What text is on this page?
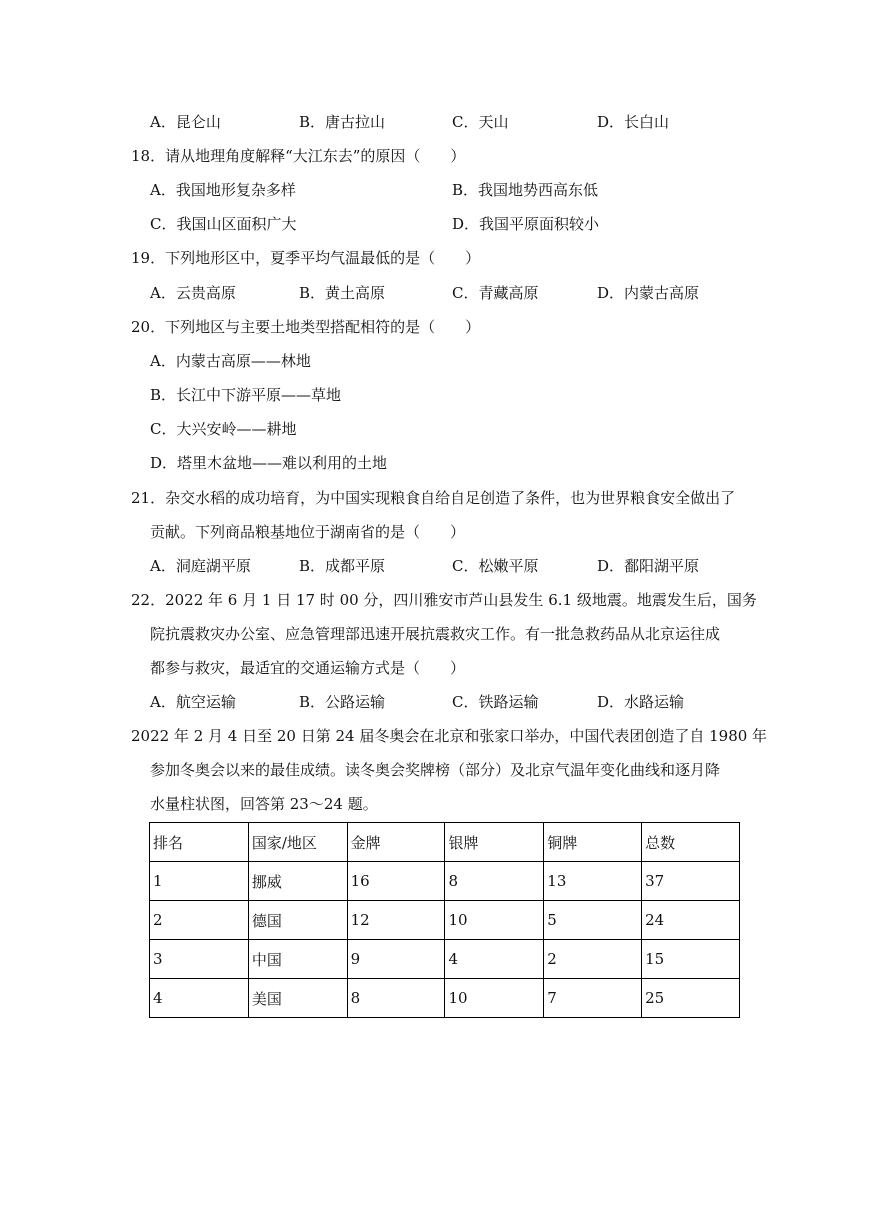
A．昆仑山	B．唐古拉山	C．天山	D．长白山
18．请从地理角度解释“大江东去”的原因（　　）
A．我国地形复杂多样	B．我国地势西高东低
C．我国山区面积广大	D．我国平原面积较小
19．下列地形区中，夏季平均气温最低的是（　　）
A．云贵高原	B．黄土高原	C．青藏高原	D．内蒙古高原
20．下列地区与主要土地类型搭配相符的是（　　）
A．内蒙古高原——林地
B．长江中下游平原——草地
C．大兴安岭——耕地
D．塔里木盆地——难以利用的土地
21．杂交水稻的成功培育，为中国实现粮食自给自足创造了条件，也为世界粮食安全做出了
贡献。下列商品粮基地位于湖南省的是（　　）
A．洞庭湖平原	B．成都平原	C．松嫩平原	D．鄱阳湖平原
22．2022 年 6 月 1 日 17 时 00 分，四川雅安市芦山县发生 6.1 级地震。地震发生后，国务
院抗震救灾办公室、应急管理部迅速开展抗震救灾工作。有一批急救药品从北京运往成
都参与救灾，最适宜的交通运输方式是（　　）
A．航空运输	B．公路运输	C．铁路运输	D．水路运输
2022 年 2 月 4 日至 20 日第 24 届冬奥会在北京和张家口举办，中国代表团创造了自 1980 年
参加冬奥会以来的最佳成绩。读冬奥会奖牌榜（部分）及北京气温年变化曲线和逐月降
水量柱状图，回答第 23～24 题。
排名	国家/地区	金牌	银牌	铜牌	总数
1	挪威	16	8	13	37
2	德国	12	10	5	24
3	中国	9	4	2	15
4	美国	8	10	7	25
